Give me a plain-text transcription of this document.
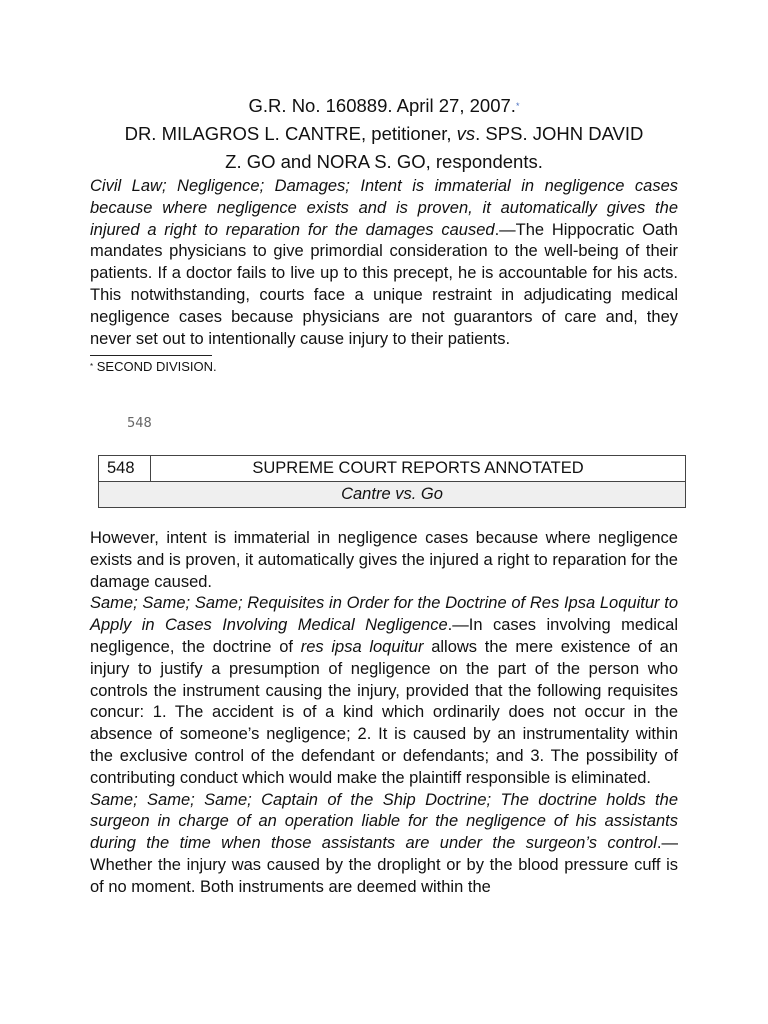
G.R. No. 160889. April 27, 2007.*
DR. MILAGROS L. CANTRE, petitioner, vs. SPS. JOHN DAVID
Z. GO and NORA S. GO, respondents.
Civil Law; Negligence; Damages; Intent is immaterial in negligence cases because where negligence exists and is proven, it automatically gives the injured a right to reparation for the damages caused.—The Hippocratic Oath mandates physicians to give primordial consideration to the well-being of their patients. If a doctor fails to live up to this precept, he is accountable for his acts. This notwithstanding, courts face a unique restraint in adjudicating medical negligence cases because physicians are not guarantors of care and, they never set out to intentionally cause injury to their patients.
* SECOND DIVISION.
548
548	SUPREME COURT REPORTS ANNOTATED
Cantre vs. Go
However, intent is immaterial in negligence cases because where negligence exists and is proven, it automatically gives the injured a right to reparation for the damage caused.
Same; Same; Same; Requisites in Order for the Doctrine of Res Ipsa Loquitur to Apply in Cases Involving Medical Negligence.—In cases involving medical negligence, the doctrine of res ipsa loquitur allows the mere existence of an injury to justify a presumption of negligence on the part of the person who controls the instrument causing the injury, provided that the following requisites concur: 1. The accident is of a kind which ordinarily does not occur in the absence of someone’s negligence; 2. It is caused by an instrumentality within the exclusive control of the defendant or defendants; and 3. The possibility of contributing conduct which would make the plaintiff responsible is eliminated.
Same; Same; Same; Captain of the Ship Doctrine; The doctrine holds the surgeon in charge of an operation liable for the negligence of his assistants during the time when those assistants are under the surgeon’s control.—Whether the injury was caused by the droplight or by the blood pressure cuff is of no moment. Both instruments are deemed within the
